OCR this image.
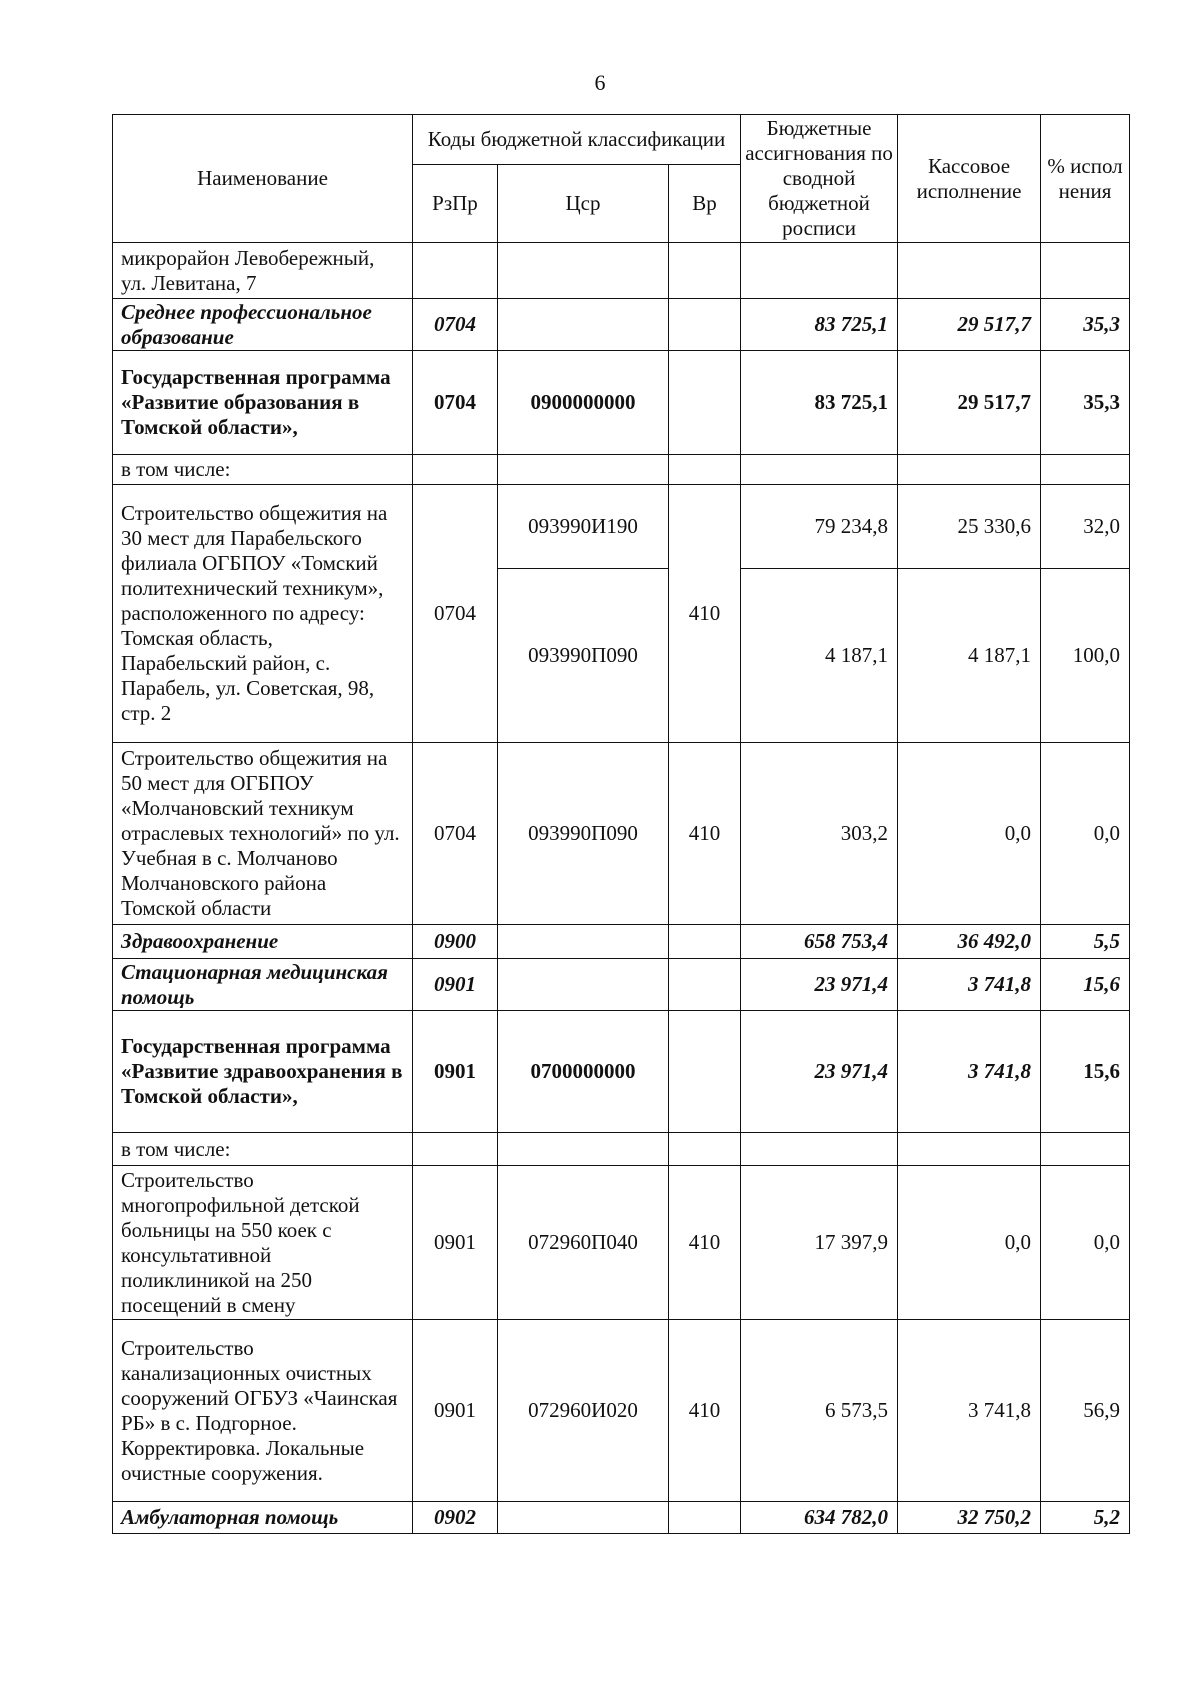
6
Наименование	Коды бюджетной классификации			Бюджетные ассигнования по сводной бюджетной росписи	Кассовое исполнение	% испол нения
	РзПр	Цср	Вр			
микрорайон Левобережный, ул. Левитана, 7						
Среднее профессиональное образование	0704			83 725,1	29 517,7	35,3
Государственная программа «Развитие образования в Томской области»,	0704	0900000000		83 725,1	29 517,7	35,3
в том числе:						
Строительство общежития на 30 мест для Парабельского филиала ОГБПОУ «Томский политехнический техникум», расположенного по адресу: Томская область, Парабельский район, с. Парабель, ул. Советская, 98, стр. 2	0704	093990И190	410	79 234,8	25 330,6	32,0
		093990П090		4 187,1	4 187,1	100,0
Строительство общежития на 50 мест для ОГБПОУ «Молчановский техникум отраслевых технологий» по ул. Учебная в с. Молчаново Молчановского района Томской области	0704	093990П090	410	303,2	0,0	0,0
Здравоохранение	0900			658 753,4	36 492,0	5,5
Стационарная медицинская помощь	0901			23 971,4	3 741,8	15,6
Государственная программа «Развитие здравоохранения в Томской области»,	0901	0700000000		23 971,4	3 741,8	15,6
в том числе:						
Строительство многопрофильной детской больницы на 550 коек с консультативной поликлиникой на 250 посещений в смену	0901	072960П040	410	17 397,9	0,0	0,0
Строительство канализационных очистных сооружений ОГБУЗ «Чаинская РБ» в с. Подгорное. Корректировка. Локальные очистные сооружения.	0901	072960И020	410	6 573,5	3 741,8	56,9
Амбулаторная помощь	0902			634 782,0	32 750,2	5,2
